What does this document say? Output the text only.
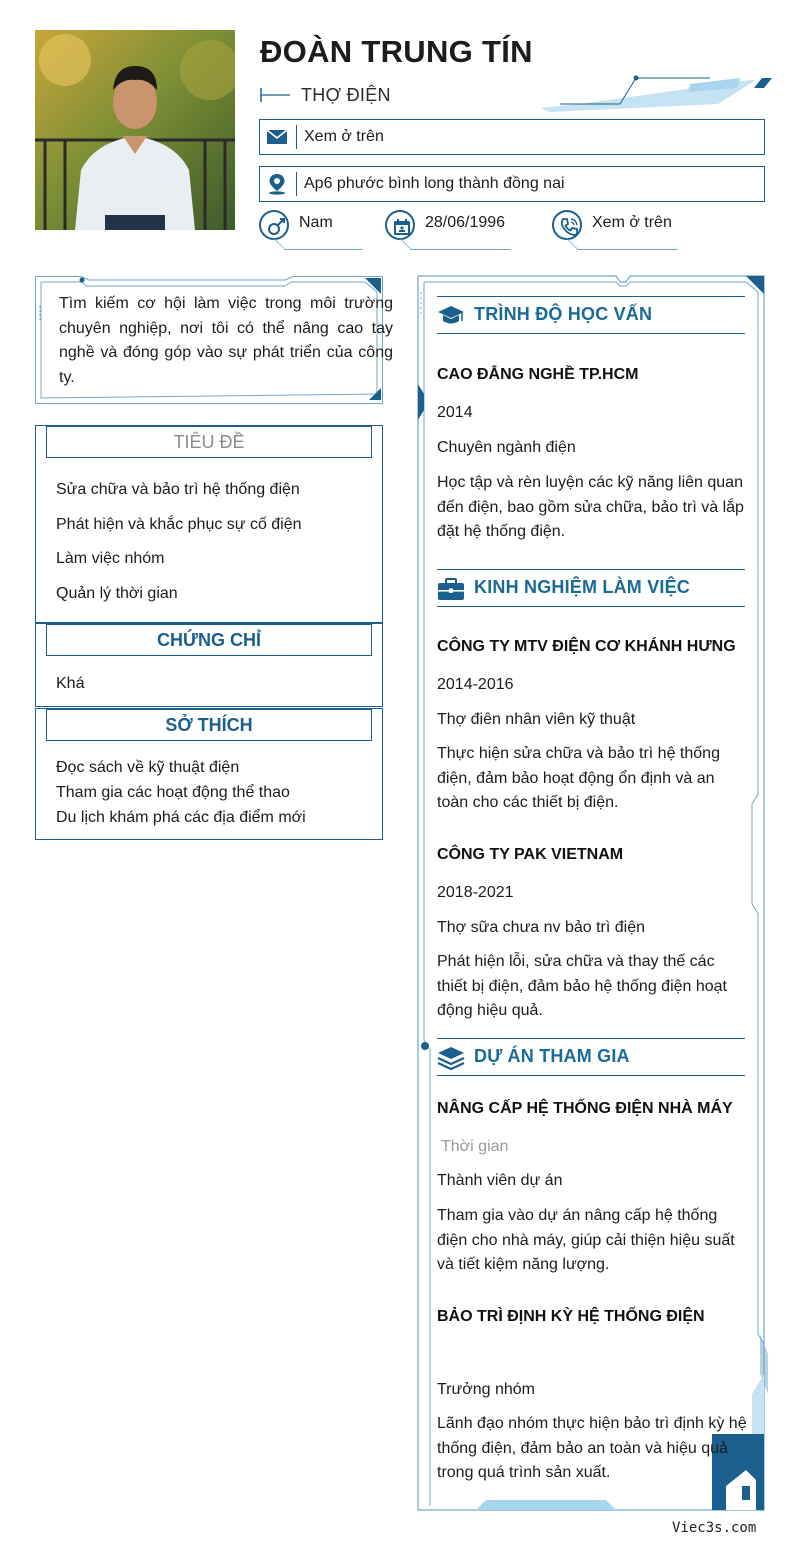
ĐOÀN TRUNG TÍN
THỢ ĐIỆN
Xem ở trên
Ap6 phước bình long thành đồng nai
Nam	28/06/1996	Xem ở trên
Tìm kiếm cơ hội làm việc trong môi trường chuyên nghiệp, nơi tôi có thể nâng cao tay nghề và đóng góp vào sự phát triển của công ty.
TIÊU ĐỀ
Sửa chữa và bảo trì hệ thống điện
Phát hiện và khắc phục sự cố điện
Làm việc nhóm
Quản lý thời gian
CHỨNG CHỈ
Khá
SỞ THÍCH
Đọc sách về kỹ thuật điện
Tham gia các hoạt động thể thao
Du lịch khám phá các địa điểm mới
TRÌNH ĐỘ HỌC VẤN
CAO ĐẲNG NGHỀ TP.HCM
2014
Chuyên ngành điện
Học tập và rèn luyện các kỹ năng liên quan đến điện, bao gồm sửa chữa, bảo trì và lắp đặt hệ thống điện.
KINH NGHIỆM LÀM VIỆC
CÔNG TY MTV ĐIỆN CƠ KHÁNH HƯNG
2014-2016
Thợ điên nhân viên kỹ thuật
Thực hiện sửa chữa và bảo trì hệ thống điện, đảm bảo hoạt động ổn định và an toàn cho các thiết bị điện.
CÔNG TY PAK VIETNAM
2018-2021
Thợ sữa chưa nv bảo trì điện
Phát hiện lỗi, sửa chữa và thay thế các thiết bị điện, đảm bảo hệ thống điện hoạt động hiệu quả.
DỰ ÁN THAM GIA
NÂNG CẤP HỆ THỐNG ĐIỆN NHÀ MÁY
Thời gian
Thành viên dự án
Tham gia vào dự án nâng cấp hệ thống điện cho nhà máy, giúp cải thiện hiệu suất và tiết kiệm năng lượng.
BẢO TRÌ ĐỊNH KỲ HỆ THỐNG ĐIỆN
Trưởng nhóm
Lãnh đạo nhóm thực hiện bảo trì định kỳ hệ thống điện, đảm bảo an toàn và hiệu quả trong quá trình sản xuất.
Viec3s.com
